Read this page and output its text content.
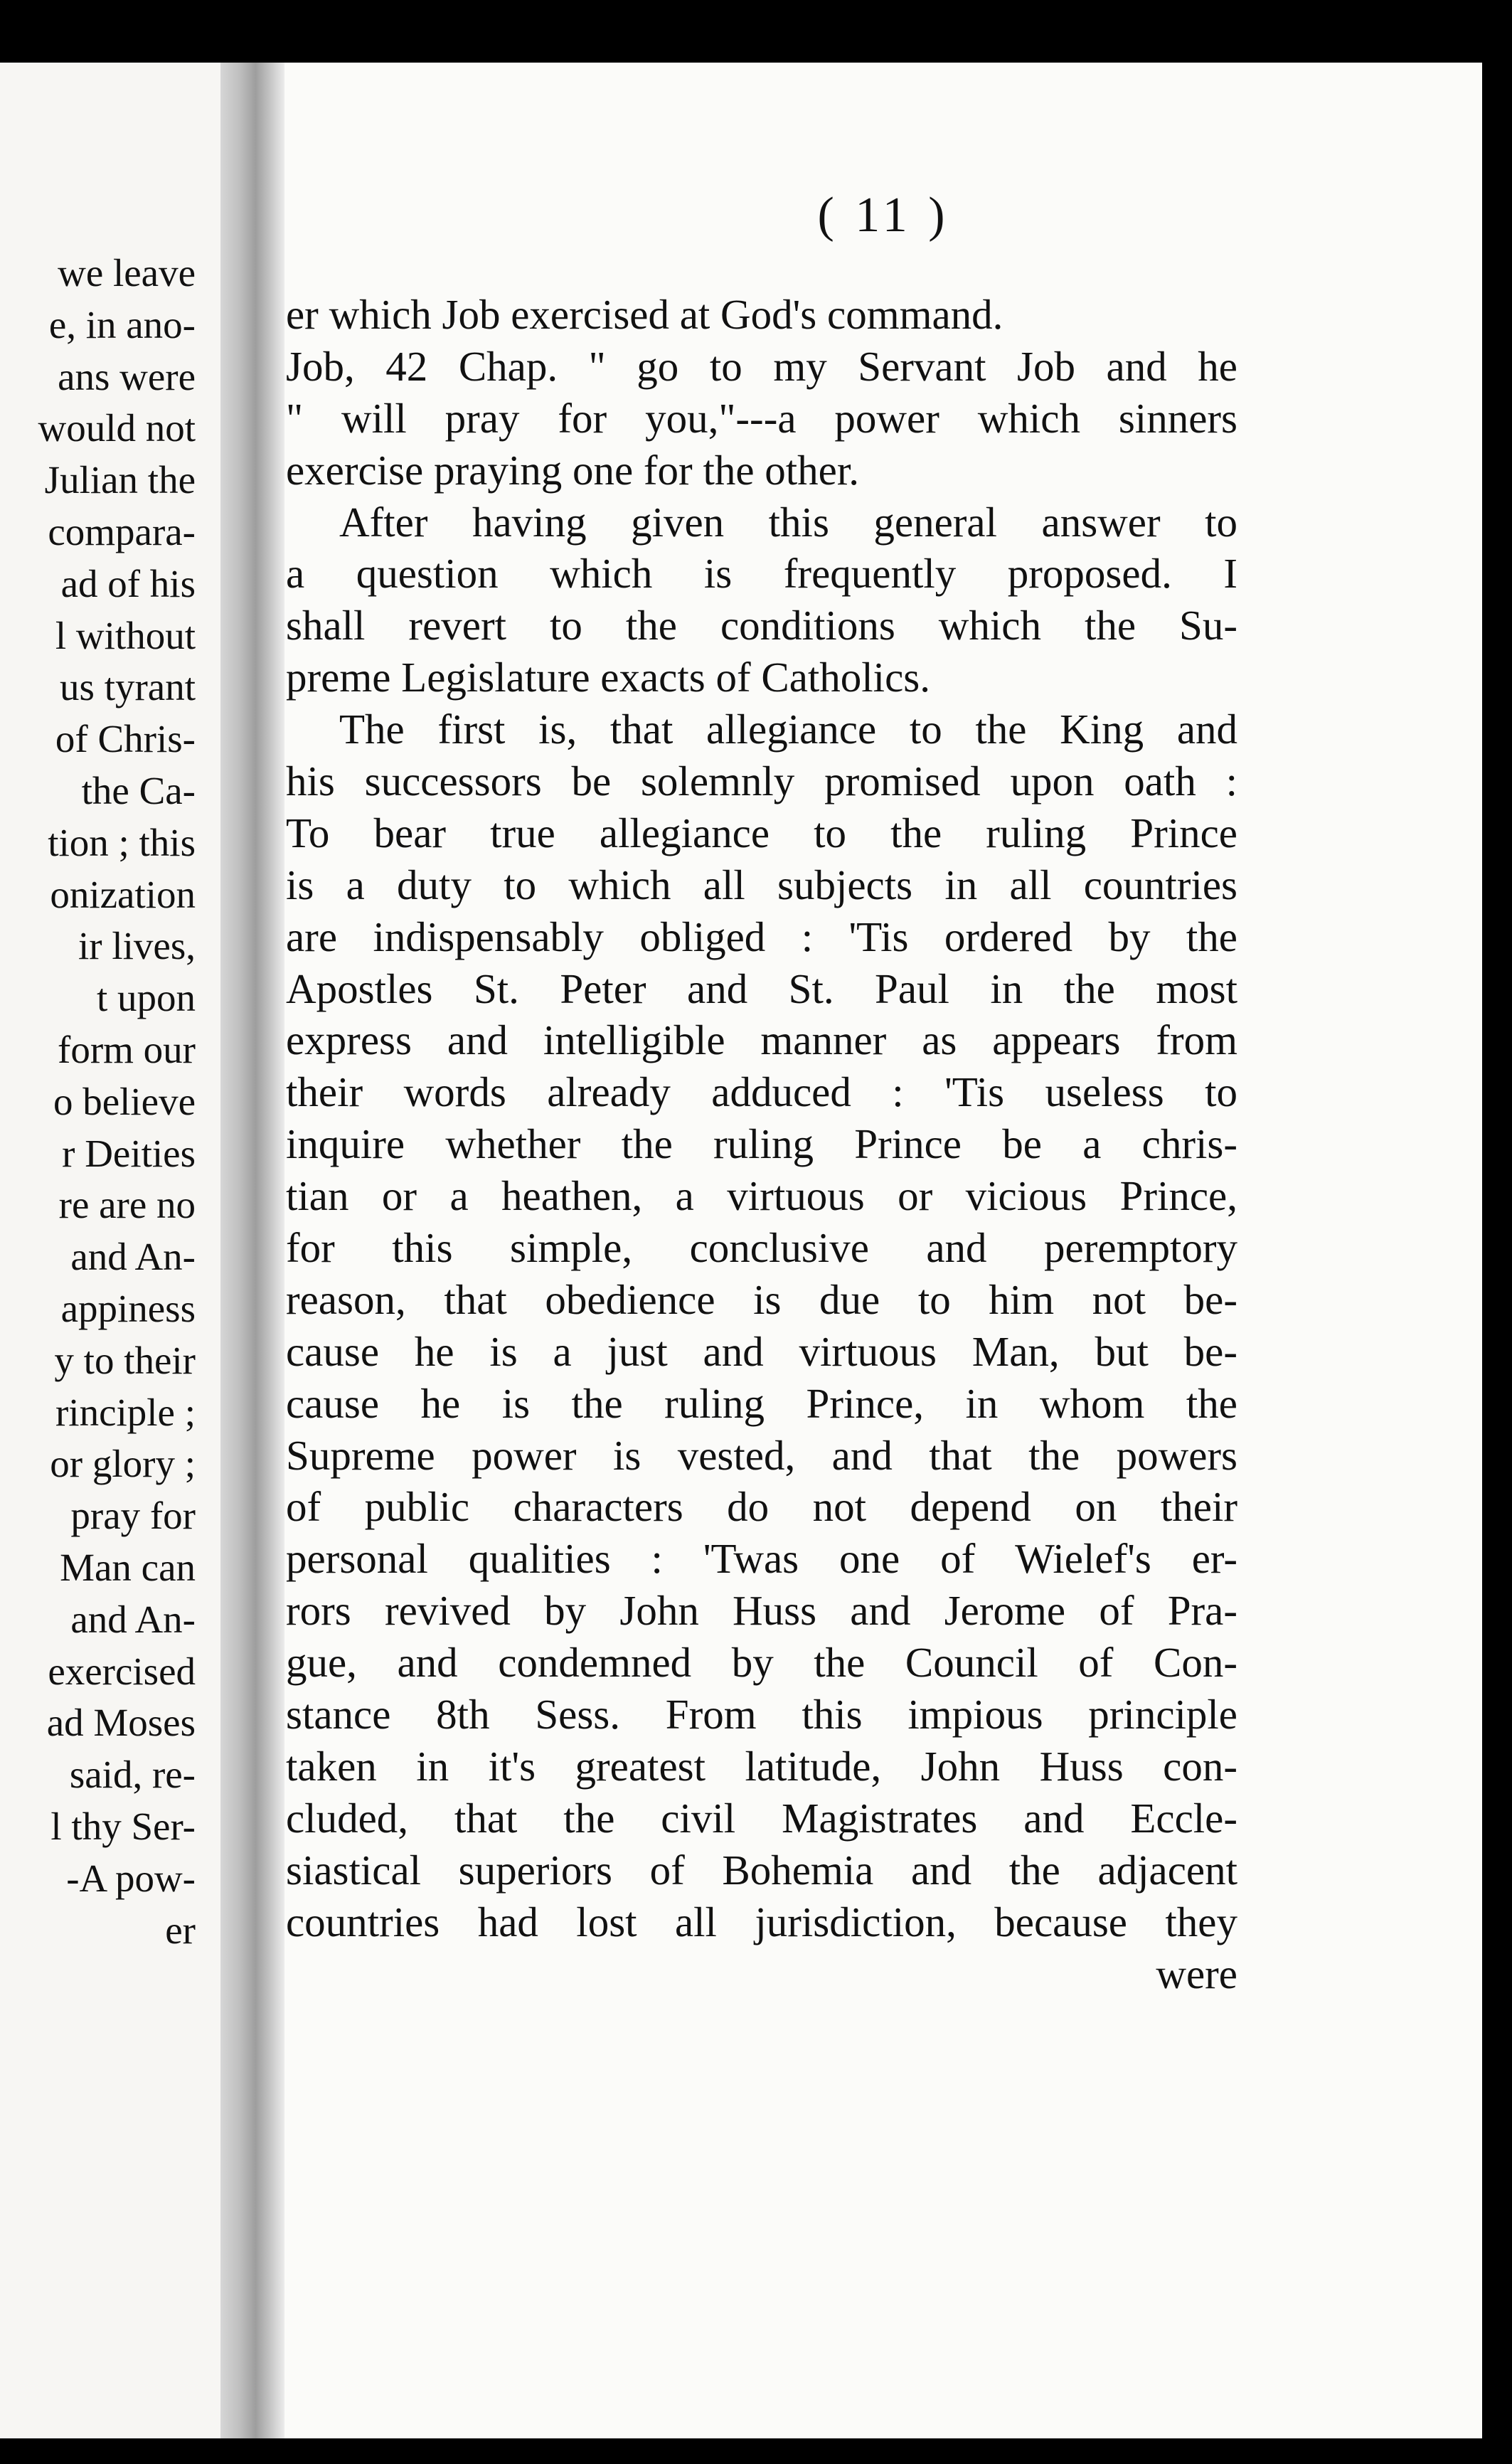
we leave
e, in ano-
ans were
would not
Julian the
compara-
ad of his
l without
us tyrant
of Chris-
the Ca-
tion ; this
onization
ir lives,
t upon
form our
o believe
r Deities
re are no
and An-
appiness
y to their
rinciple ;
or glory ;
pray for
Man can
and An-
exercised
ad Moses
said, re-
l thy Ser-
-A pow-
er
( 11 )
er which Job exercised at God's command.
Job, 42 Chap. " go to my Servant Job and he
" will pray for you,"---a power which sinners
exercise praying one for the other.
After having given this general answer to
a question which is frequently proposed. I
shall revert to the conditions which the Su-
preme Legislature exacts of Catholics.
The first is, that allegiance to the King and
his successors be solemnly promised upon oath :
To bear true allegiance to the ruling Prince
is a duty to which all subjects in all countries
are indispensably obliged : 'Tis ordered by the
Apostles St. Peter and St. Paul in the most
express and intelligible manner as appears from
their words already adduced : 'Tis useless to
inquire whether the ruling Prince be a chris-
tian or a heathen, a virtuous or vicious Prince,
for this simple, conclusive and peremptory
reason, that obedience is due to him not be-
cause he is a just and virtuous Man, but be-
cause he is the ruling Prince, in whom the
Supreme power is vested, and that the powers
of public characters do not depend on their
personal qualities : 'Twas one of Wielef's er-
rors revived by John Huss and Jerome of Pra-
gue, and condemned by the Council of Con-
stance 8th Sess. From this impious principle
taken in it's greatest latitude, John Huss con-
cluded, that the civil Magistrates and Eccle-
siastical superiors of Bohemia and the adjacent
countries had lost all jurisdiction, because they
were
